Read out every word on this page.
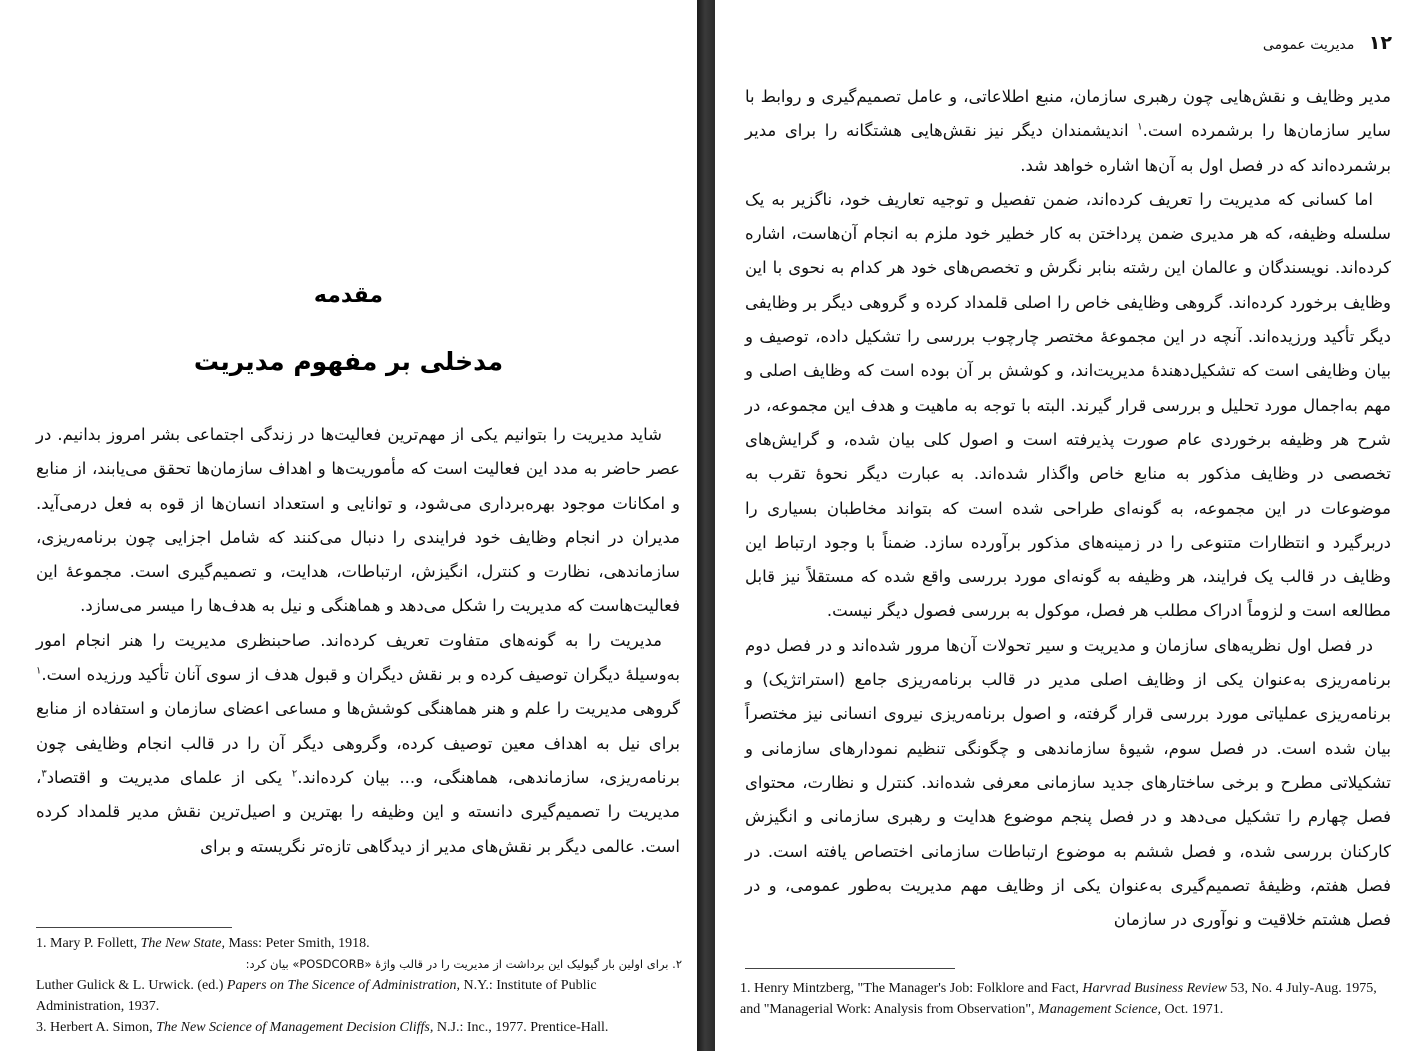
مقدمه
مدخلی بر مفهوم مدیریت

شاید مدیریت را بتوانیم یکی از مهم‌ترین فعالیت‌ها در زندگی اجتماعی بشر امروز بدانیم. در عصر حاضر به مدد این فعالیت است که مأموریت‌ها و اهداف سازمان‌ها تحقق می‌یابند، از منابع و امکانات موجود بهره‌برداری می‌شود، و توانایی و استعداد انسان‌ها از قوه به فعل درمی‌آید. مدیران در انجام وظایف خود فرایندی را دنبال می‌کنند که شامل اجزایی چون برنامه‌ریزی، سازماندهی، نظارت و کنترل، انگیزش، ارتباطات، هدایت، و تصمیم‌گیری است. مجموعهٔ این فعالیت‌هاست که مدیریت را شکل می‌دهد و هماهنگی و نیل به هدف‌ها را میسر می‌سازد.

مدیریت را به گونه‌های متفاوت تعریف کرده‌اند. صاحبنظری مدیریت را هنر انجام امور به‌وسیلهٔ دیگران توصیف کرده و بر نقش دیگران و قبول هدف از سوی آنان تأکید ورزیده است.$^۱$ گروهی مدیریت را علم و هنر هماهنگی کوشش‌ها و مساعی اعضای سازمان و استفاده از منابع برای نیل به اهداف معین توصیف کرده، وگروهی دیگر آن را در قالب انجام وظایفی چون برنامه‌ریزی، سازماندهی، هماهنگی، و... بیان کرده‌اند.$^۲$ یکی از علمای مدیریت و اقتصاد$^۳$، مدیریت را تصمیم‌گیری دانسته و این وظیفه را بهترین و اصیل‌ترین نقش مدیر قلمداد کرده است. عالمی دیگر بر نقش‌های مدیر از دیدگاهی تازه‌تر نگریسته و برای

1. Mary P. Follett, The New State, Mass: Peter Smith, 1918.
۲. برای اولین بار گیولیک این برداشت از مدیریت را در قالب واژهٔ «POSDCORB» بیان کرد:
Luther Gulick & L. Urwick. (ed.) Papers on The Sicence of Administration, N.Y.: Institute of Public Administration, 1937.
3. Herbert A. Simon, The New Science of Management Decision Cliffs, N.J.: Inc., 1977. Prentice-Hall.
۱۲ مدیریت عمومی

مدیر وظایف و نقش‌هایی چون رهبری سازمان، منبع اطلاعاتی، و عامل تصمیم‌گیری و روابط با سایر سازمان‌ها را برشمرده است.$^۱$ اندیشمندان دیگر نیز نقش‌هایی هشتگانه را برای مدیر برشمرده‌اند که در فصل اول به آن‌ها اشاره خواهد شد.

اما کسانی که مدیریت را تعریف کرده‌اند، ضمن تفصیل و توجیه تعاریف خود، ناگزیر به یک سلسله وظیفه، که هر مدیری ضمن پرداختن به کار خطیر خود ملزم به انجام آن‌هاست، اشاره کرده‌اند. نویسندگان و عالمان این رشته بنابر نگرش و تخصص‌های خود هر کدام به نحوی با این وظایف برخورد کرده‌اند. گروهی وظایفی خاص را اصلی قلمداد کرده و گروهی دیگر بر وظایفی دیگر تأکید ورزیده‌اند. آنچه در این مجموعهٔ مختصر چارچوب بررسی را تشکیل داده، توصیف و بیان وظایفی است که تشکیل‌دهندهٔ مدیریت‌اند، و کوشش بر آن بوده است که وظایف اصلی و مهم به‌اجمال مورد تحلیل و بررسی قرار گیرند. البته با توجه به ماهیت و هدف این مجموعه، در شرح هر وظیفه برخوردی عام صورت پذیرفته است و اصول کلی بیان شده، و گرایش‌های تخصصی در وظایف مذکور به منابع خاص واگذار شده‌اند. به عبارت دیگر نحوهٔ تقرب به موضوعات در این مجموعه، به گونه‌ای طراحی شده است که بتواند مخاطبان بسیاری را دربرگیرد و انتظارات متنوعی را در زمینه‌های مذکور برآورده سازد. ضمناً با وجود ارتباط این وظایف در قالب یک فرایند، هر وظیفه به گونه‌ای مورد بررسی واقع شده که مستقلاً نیز قابل مطالعه است و لزوماً ادراک مطلب هر فصل، موکول به بررسی فصول دیگر نیست.

در فصل اول نظریه‌های سازمان و مدیریت و سیر تحولات آن‌ها مرور شده‌اند و در فصل دوم برنامه‌ریزی به‌عنوان یکی از وظایف اصلی مدیر در قالب برنامه‌ریزی جامع (استراتژیک) و برنامه‌ریزی عملیاتی مورد بررسی قرار گرفته، و اصول برنامه‌ریزی نیروی انسانی نیز مختصراً بیان شده است. در فصل سوم، شیوهٔ سازماندهی و چگونگی تنظیم نمودارهای سازمانی و تشکیلاتی مطرح و برخی ساختارهای جدید سازمانی معرفی شده‌اند. کنترل و نظارت، محتوای فصل چهارم را تشکیل می‌دهد و در فصل پنجم موضوع هدایت و رهبری سازمانی و انگیزش کارکنان بررسی شده، و فصل ششم به موضوع ارتباطات سازمانی اختصاص یافته است. در فصل هفتم، وظیفهٔ تصمیم‌گیری به‌عنوان یکی از وظایف مهم مدیریت به‌طور عمومی، و در فصل هشتم خلاقیت و نوآوری در سازمان

1. Henry Mintzberg, "The Manager's Job: Folklore and Fact, Harvrad Business Review 53, No. 4 July-Aug. 1975, and "Managerial Work: Analysis from Observation", Management Science, Oct. 1971.
